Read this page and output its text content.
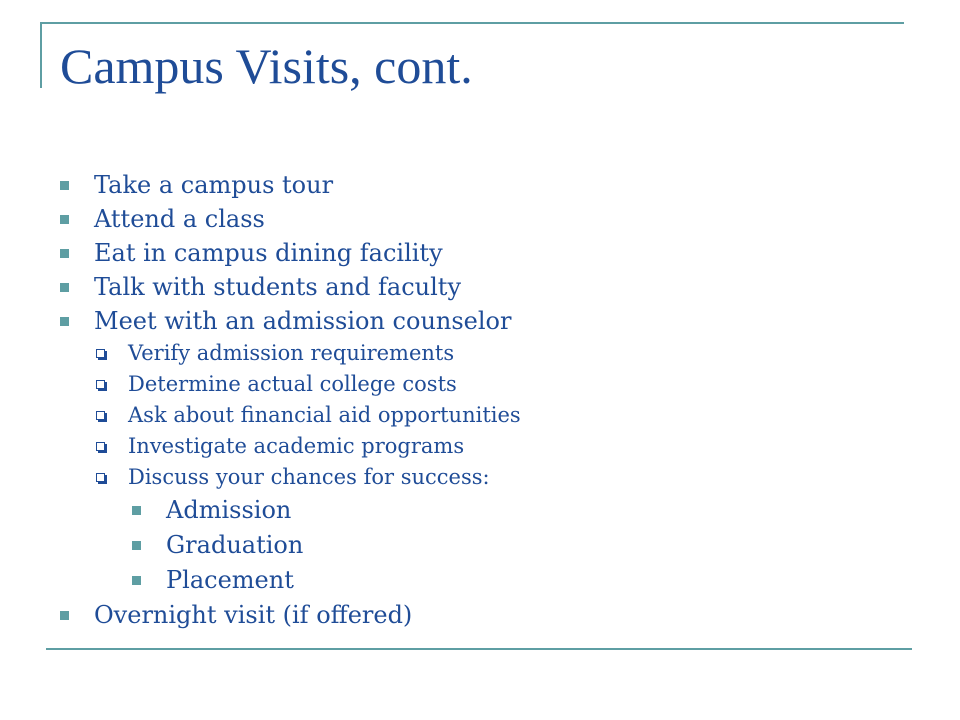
Campus Visits, cont.
Take a campus tour
Attend a class
Eat in campus dining facility
Talk with students and faculty
Meet with an admission counselor
Verify admission requirements
Determine actual college costs
Ask about financial aid opportunities
Investigate academic programs
Discuss your chances for success:
Admission
Graduation
Placement
Overnight visit (if offered)
